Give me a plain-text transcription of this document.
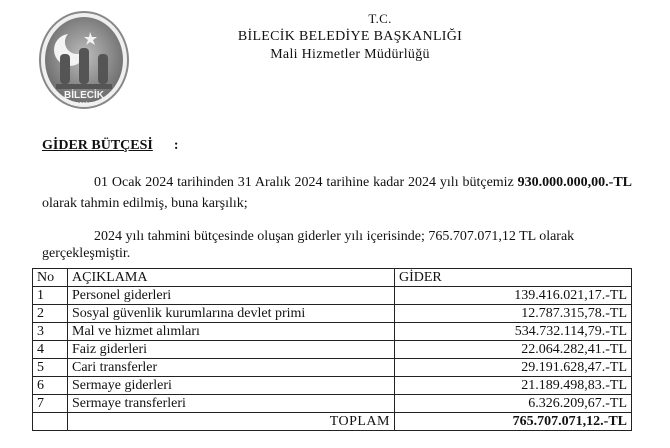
BİLECİK
BELEDİYESİ
T.C.
BİLECİK BELEDİYE BAŞKANLIĞI
Mali Hizmetler Müdürlüğü
GİDER BÜTÇESİ :
01 Ocak 2024 tarihinden 31 Aralık 2024 tarihine kadar 2024 yılı bütçemiz 930.000.000,00.-TL olarak tahmin edilmiş, buna karşılık;
2024 yılı tahmini bütçesinde oluşan giderler yılı içerisinde; 765.707.071,12 TL olarak gerçekleşmiştir.
No	AÇIKLAMA	GİDER
1	Personel giderleri	139.416.021,17.-TL
2	Sosyal güvenlik kurumlarına devlet primi	12.787.315,78.-TL
3	Mal ve hizmet alımları	534.732.114,79.-TL
4	Faiz giderleri	22.064.282,41.-TL
5	Cari transferler	29.191.628,47.-TL
6	Sermaye giderleri	21.189.498,83.-TL
7	Sermaye transferleri	6.326.209,67.-TL
	TOPLAM	765.707.071,12.-TL
